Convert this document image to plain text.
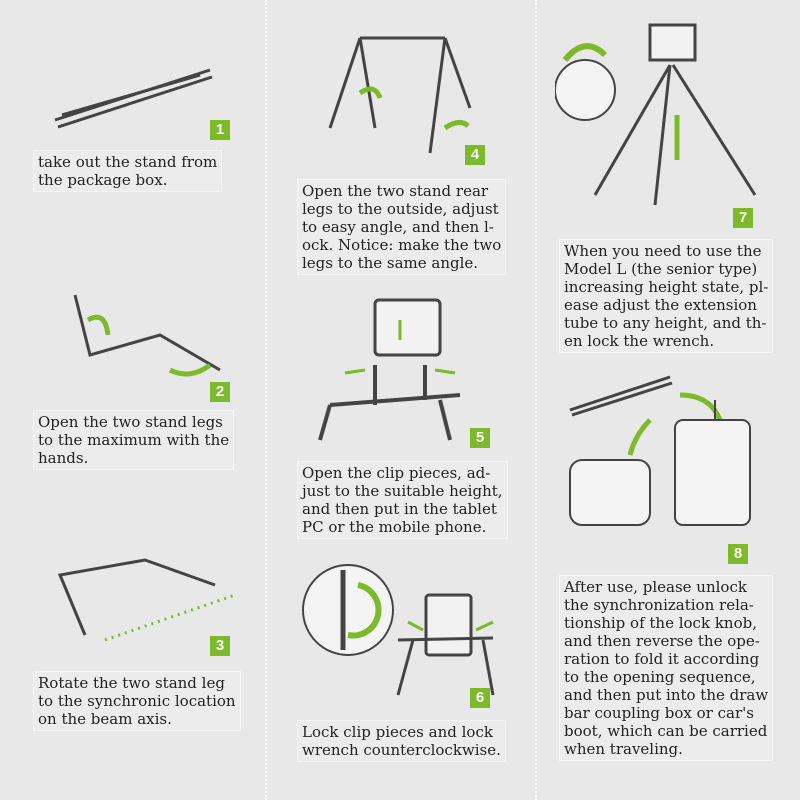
1
take out the stand from
the package box.
2
Open the two stand legs
to the maximum with the
hands.
3
Rotate the two stand leg
to the synchronic location
on the beam axis.
4
Open the two stand rear
legs to the outside, adjust
to easy angle, and then l-
ock. Notice: make the two
legs to the same angle.
5
Open the clip pieces, ad-
just to the suitable height,
and then put in the tablet
PC or the mobile phone.
6
Lock clip pieces and lock
wrench counterclockwise.
7
When you need to use the
Model L (the senior type)
increasing height state, pl-
ease adjust the extension
tube to any height, and th-
en lock the wrench.
8
After use, please unlock
the synchronization rela-
tionship of the lock knob,
and then reverse the ope-
ration to fold it according
to the opening sequence,
and then put into the draw
bar coupling box or car's
boot, which can be carried
when traveling.
